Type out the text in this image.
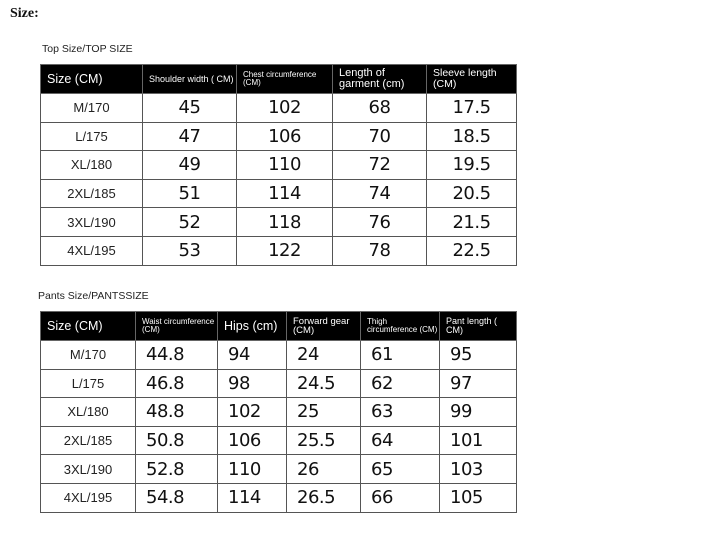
Size:
Top Size/TOP SIZE
Size (CM)	Shoulder width ( CM)	Chest circumference (CM)	Length of garment (cm)	Sleeve length (CM)
M/170	45	102	68	17.5
L/175	47	106	70	18.5
XL/180	49	110	72	19.5
2XL/185	51	114	74	20.5
3XL/190	52	118	76	21.5
4XL/195	53	122	78	22.5
Pants Size/PANTSSIZE
Size (CM)	Waist circumference (CM)	Hips (cm)	Forward gear (CM)	Thigh circumference (CM)	Pant length ( CM)
M/170	44.8	94	24	61	95
L/175	46.8	98	24.5	62	97
XL/180	48.8	102	25	63	99
2XL/185	50.8	106	25.5	64	101
3XL/190	52.8	110	26	65	103
4XL/195	54.8	114	26.5	66	105
